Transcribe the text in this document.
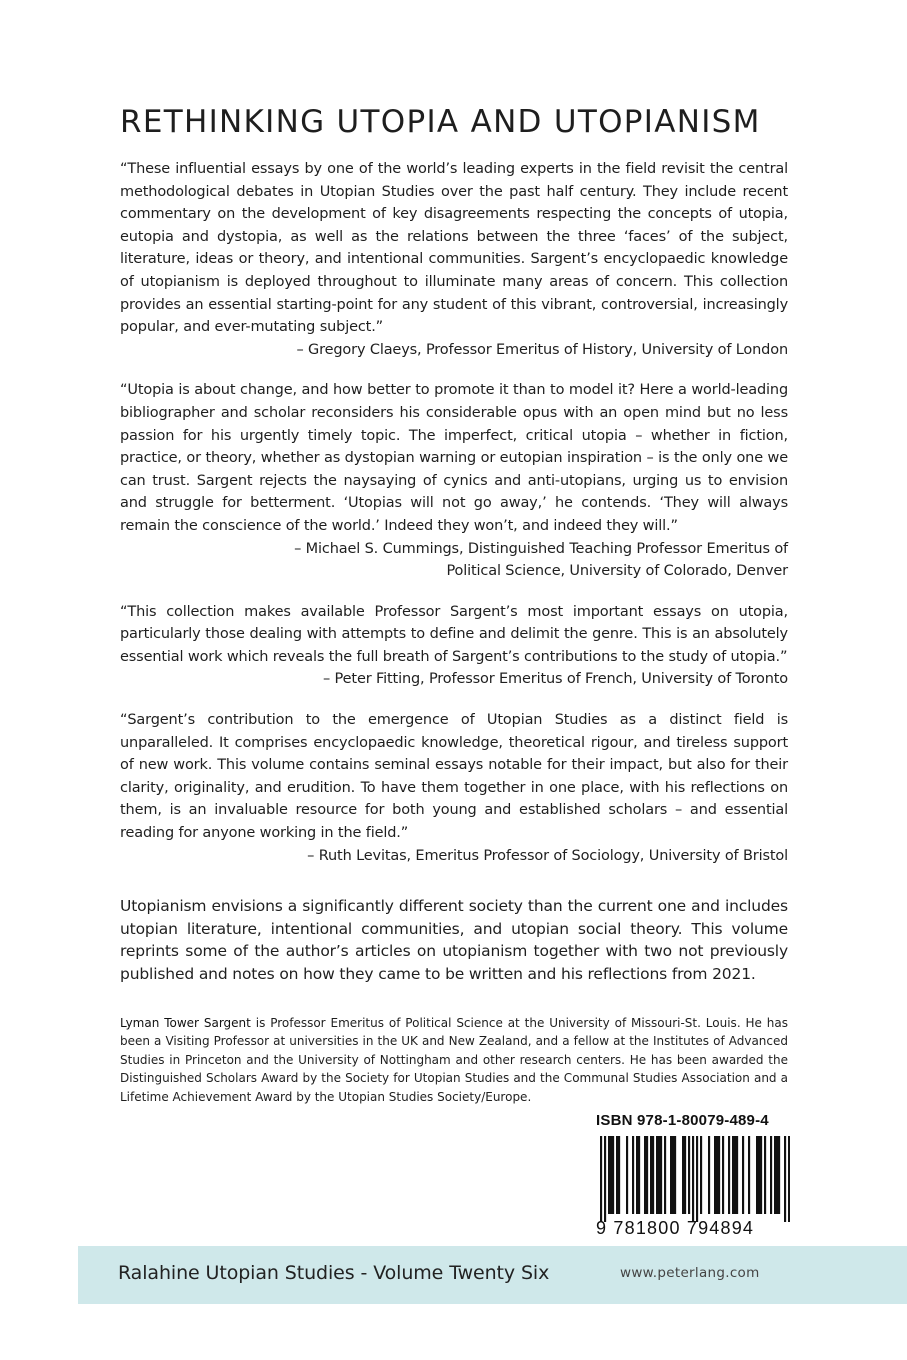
RETHINKING UTOPIA AND UTOPIANISM

“These influential essays by one of the world’s leading experts in the field revisit the central methodological debates in Utopian Studies over the past half century. They include recent commentary on the development of key disagreements respecting the concepts of utopia, eutopia and dystopia, as well as the relations between the three ‘faces’ of the subject, literature, ideas or theory, and intentional communities. Sargent’s encyclopaedic knowledge of utopianism is deployed throughout to illuminate many areas of concern. This collection provides an essential starting-point for any student of this vibrant, controversial, increasingly popular, and ever-mutating subject.”

– Gregory Claeys, Professor Emeritus of History, University of London

“Utopia is about change, and how better to promote it than to model it? Here a world-leading bibliographer and scholar reconsiders his considerable opus with an open mind but no less passion for his urgently timely topic. The imperfect, critical utopia – whether in fiction, practice, or theory, whether as dystopian warning or eutopian inspiration – is the only one we can trust. Sargent rejects the naysaying of cynics and anti-utopians, urging us to envision and struggle for betterment. ‘Utopias will not go away,’ he contends. ‘They will always remain the conscience of the world.’ Indeed they won’t, and indeed they will.”

– Michael S. Cummings, Distinguished Teaching Professor Emeritus of

Political Science, University of Colorado, Denver

“This collection makes available Professor Sargent’s most important essays on utopia, particularly those dealing with attempts to define and delimit the genre. This is an absolutely essential work which reveals the full breath of Sargent’s contributions to the study of utopia.”

– Peter Fitting, Professor Emeritus of French, University of Toronto

“Sargent’s contribution to the emergence of Utopian Studies as a distinct field is unparalleled. It comprises encyclopaedic knowledge, theoretical rigour, and tireless support of new work. This volume contains seminal essays notable for their impact, but also for their clarity, originality, and erudition. To have them together in one place, with his reflections on them, is an invaluable resource for both young and established scholars – and essential reading for anyone working in the field.”

– Ruth Levitas, Emeritus Professor of Sociology, University of Bristol

Utopianism envisions a significantly different society than the current one and includes utopian literature, intentional communities, and utopian social theory. This volume reprints some of the author’s articles on utopianism together with two not previously published and notes on how they came to be written and his reflections from 2021.

Lyman Tower Sargent is Professor Emeritus of Political Science at the University of Missouri-St. Louis. He has been a Visiting Professor at universities in the UK and New Zealand, and a fellow at the Institutes of Advanced Studies in Princeton and the University of Nottingham and other research centers. He has been awarded the Distinguished Scholars Award by the Society for Utopian Studies and the Communal Studies Association and a Lifetime Achievement Award by the Utopian Studies Society/Europe.

ISBN 978-1-80079-489-4
9 781800 794894
Ralahine Utopian Studies - Volume Twenty Six	www.peterlang.com
